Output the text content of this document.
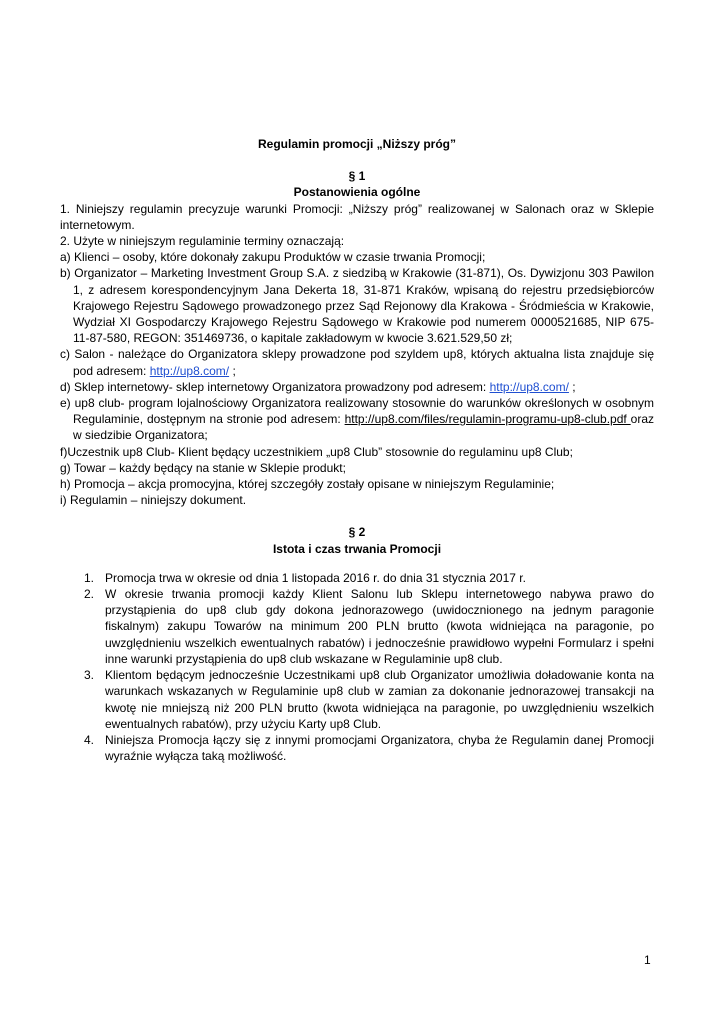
Regulamin promocji „Niższy próg”
§ 1
Postanowienia ogólne
1. Niniejszy regulamin precyzuje warunki Promocji: „Niższy próg” realizowanej w Salonach oraz w Sklepie internetowym.
2. Użyte w niniejszym regulaminie terminy oznaczają:
a) Klienci – osoby, które dokonały zakupu Produktów w czasie trwania Promocji;
b) Organizator – Marketing Investment Group S.A. z siedzibą w Krakowie (31-871), Os. Dywizjonu 303 Pawilon 1, z adresem korespondencyjnym Jana Dekerta 18, 31-871 Kraków, wpisaną do rejestru przedsiębiorców Krajowego Rejestru Sądowego prowadzonego przez Sąd Rejonowy dla Krakowa - Śródmieścia w Krakowie, Wydział XI Gospodarczy Krajowego Rejestru Sądowego w Krakowie pod numerem 0000521685, NIP 675-11-87-580, REGON: 351469736, o kapitale zakładowym w kwocie 3.621.529,50 zł;
c) Salon - należące do Organizatora sklepy prowadzone pod szyldem up8, których aktualna lista znajduje się pod adresem: http://up8.com/ ;
d) Sklep internetowy- sklep internetowy Organizatora prowadzony pod adresem: http://up8.com/ ;
e) up8 club- program lojalnościowy Organizatora realizowany stosownie do warunków określonych w osobnym Regulaminie, dostępnym na stronie pod adresem: http://up8.com/files/regulamin-programu-up8-club.pdf oraz w siedzibie Organizatora;
f)Uczestnik up8 Club- Klient będący uczestnikiem „up8 Club” stosownie do regulaminu up8 Club;
g) Towar – każdy będący na stanie w Sklepie produkt;
h) Promocja – akcja promocyjna, której szczegóły zostały opisane w niniejszym Regulaminie;
i) Regulamin – niniejszy dokument.
§ 2
Istota i czas trwania Promocji
1. Promocja trwa w okresie od dnia 1 listopada 2016 r. do dnia 31 stycznia 2017 r.
2. W okresie trwania promocji każdy Klient Salonu lub Sklepu internetowego nabywa prawo do przystąpienia do up8 club gdy dokona jednorazowego (uwidocznionego na jednym paragonie fiskalnym) zakupu Towarów na minimum 200 PLN brutto (kwota widniejąca na paragonie, po uwzględnieniu wszelkich ewentualnych rabatów) i jednocześnie prawidłowo wypełni Formularz i spełni inne warunki przystąpienia do up8 club wskazane w Regulaminie up8 club.
3. Klientom będącym jednocześnie Uczestnikami up8 club Organizator umożliwia doładowanie konta na warunkach wskazanych w Regulaminie up8 club w zamian za dokonanie jednorazowej transakcji na kwotę nie mniejszą niż 200 PLN brutto (kwota widniejąca na paragonie, po uwzględnieniu wszelkich ewentualnych rabatów), przy użyciu Karty up8 Club.
4. Niniejsza Promocja łączy się z innymi promocjami Organizatora, chyba że Regulamin danej Promocji wyraźnie wyłącza taką możliwość.
1
